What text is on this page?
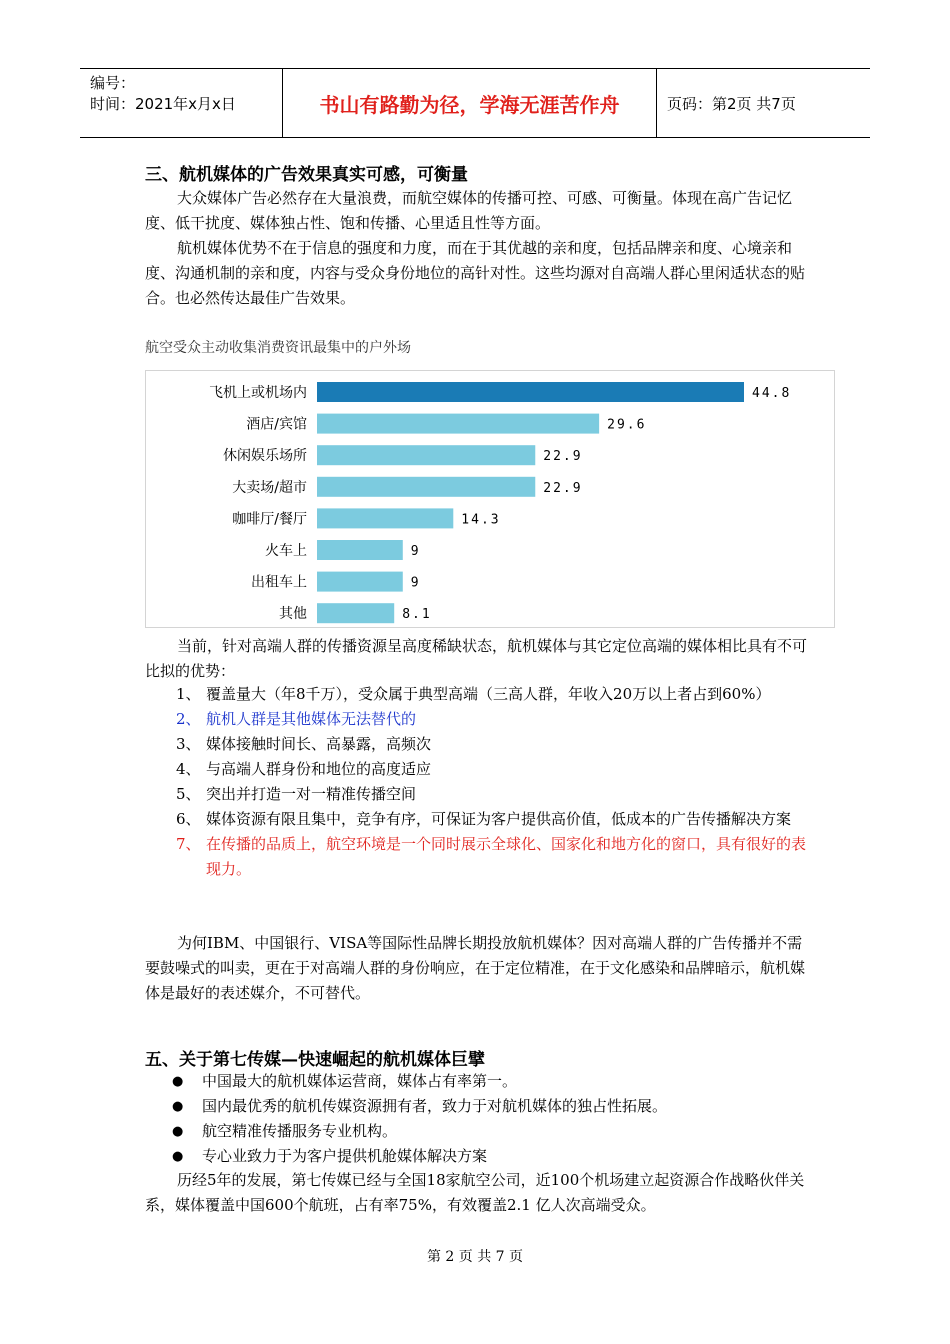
编号：
时间：2021年x月x日	书山有路勤为径，学海无涯苦作舟	页码：第2页 共7页
三、航机媒体的广告效果真实可感，可衡量
大众媒体广告必然存在大量浪费，而航空媒体的传播可控、可感、可衡量。体现在高广告记忆度、低干扰度、媒体独占性、饱和传播、心里适且性等方面。
航机媒体优势不在于信息的强度和力度，而在于其优越的亲和度，包括品牌亲和度、心境亲和度、沟通机制的亲和度，内容与受众身份地位的高针对性。这些均源对自高端人群心里闲适状态的贴合。也必然传达最佳广告效果。
航空受众主动收集消费资讯最集中的户外场
飞机上或机场内	44.8
酒店/宾馆	29.6
休闲娱乐场所	22.9
大卖场/超市	22.9
咖啡厅/餐厅	14.3
火车上	9
出租车上	9
其他	8.1
当前，针对高端人群的传播资源呈高度稀缺状态，航机媒体与其它定位高端的媒体相比具有不可比拟的优势：
1、 覆盖量大（年8千万），受众属于典型高端（三高人群，年收入20万以上者占到60%）
2、 航机人群是其他媒体无法替代的
3、 媒体接触时间长、高暴露，高频次
4、 与高端人群身份和地位的高度适应
5、 突出并打造一对一精准传播空间
6、 媒体资源有限且集中，竞争有序，可保证为客户提供高价值，低成本的广告传播解决方案
7、 在传播的品质上，航空环境是一个同时展示全球化、国家化和地方化的窗口，具有很好的表现力。
为何IBM、中国银行、VISA等国际性品牌长期投放航机媒体？因对高端人群的广告传播并不需要鼓噪式的叫卖，更在于对高端人群的身份响应，在于定位精准，在于文化感染和品牌暗示，航机媒体是最好的表述媒介，不可替代。
五、关于第七传媒—快速崛起的航机媒体巨擘
●	中国最大的航机媒体运营商，媒体占有率第一。
●	国内最优秀的航机传媒资源拥有者，致力于对航机媒体的独占性拓展。
●	航空精准传播服务专业机构。
●	专心业致力于为客户提供机舱媒体解决方案
历经5年的发展，第七传媒已经与全国18家航空公司，近100个机场建立起资源合作战略伙伴关系，媒体覆盖中国600个航班，占有率75%，有效覆盖2.1 亿人次高端受众。
第 2 页 共 7 页
